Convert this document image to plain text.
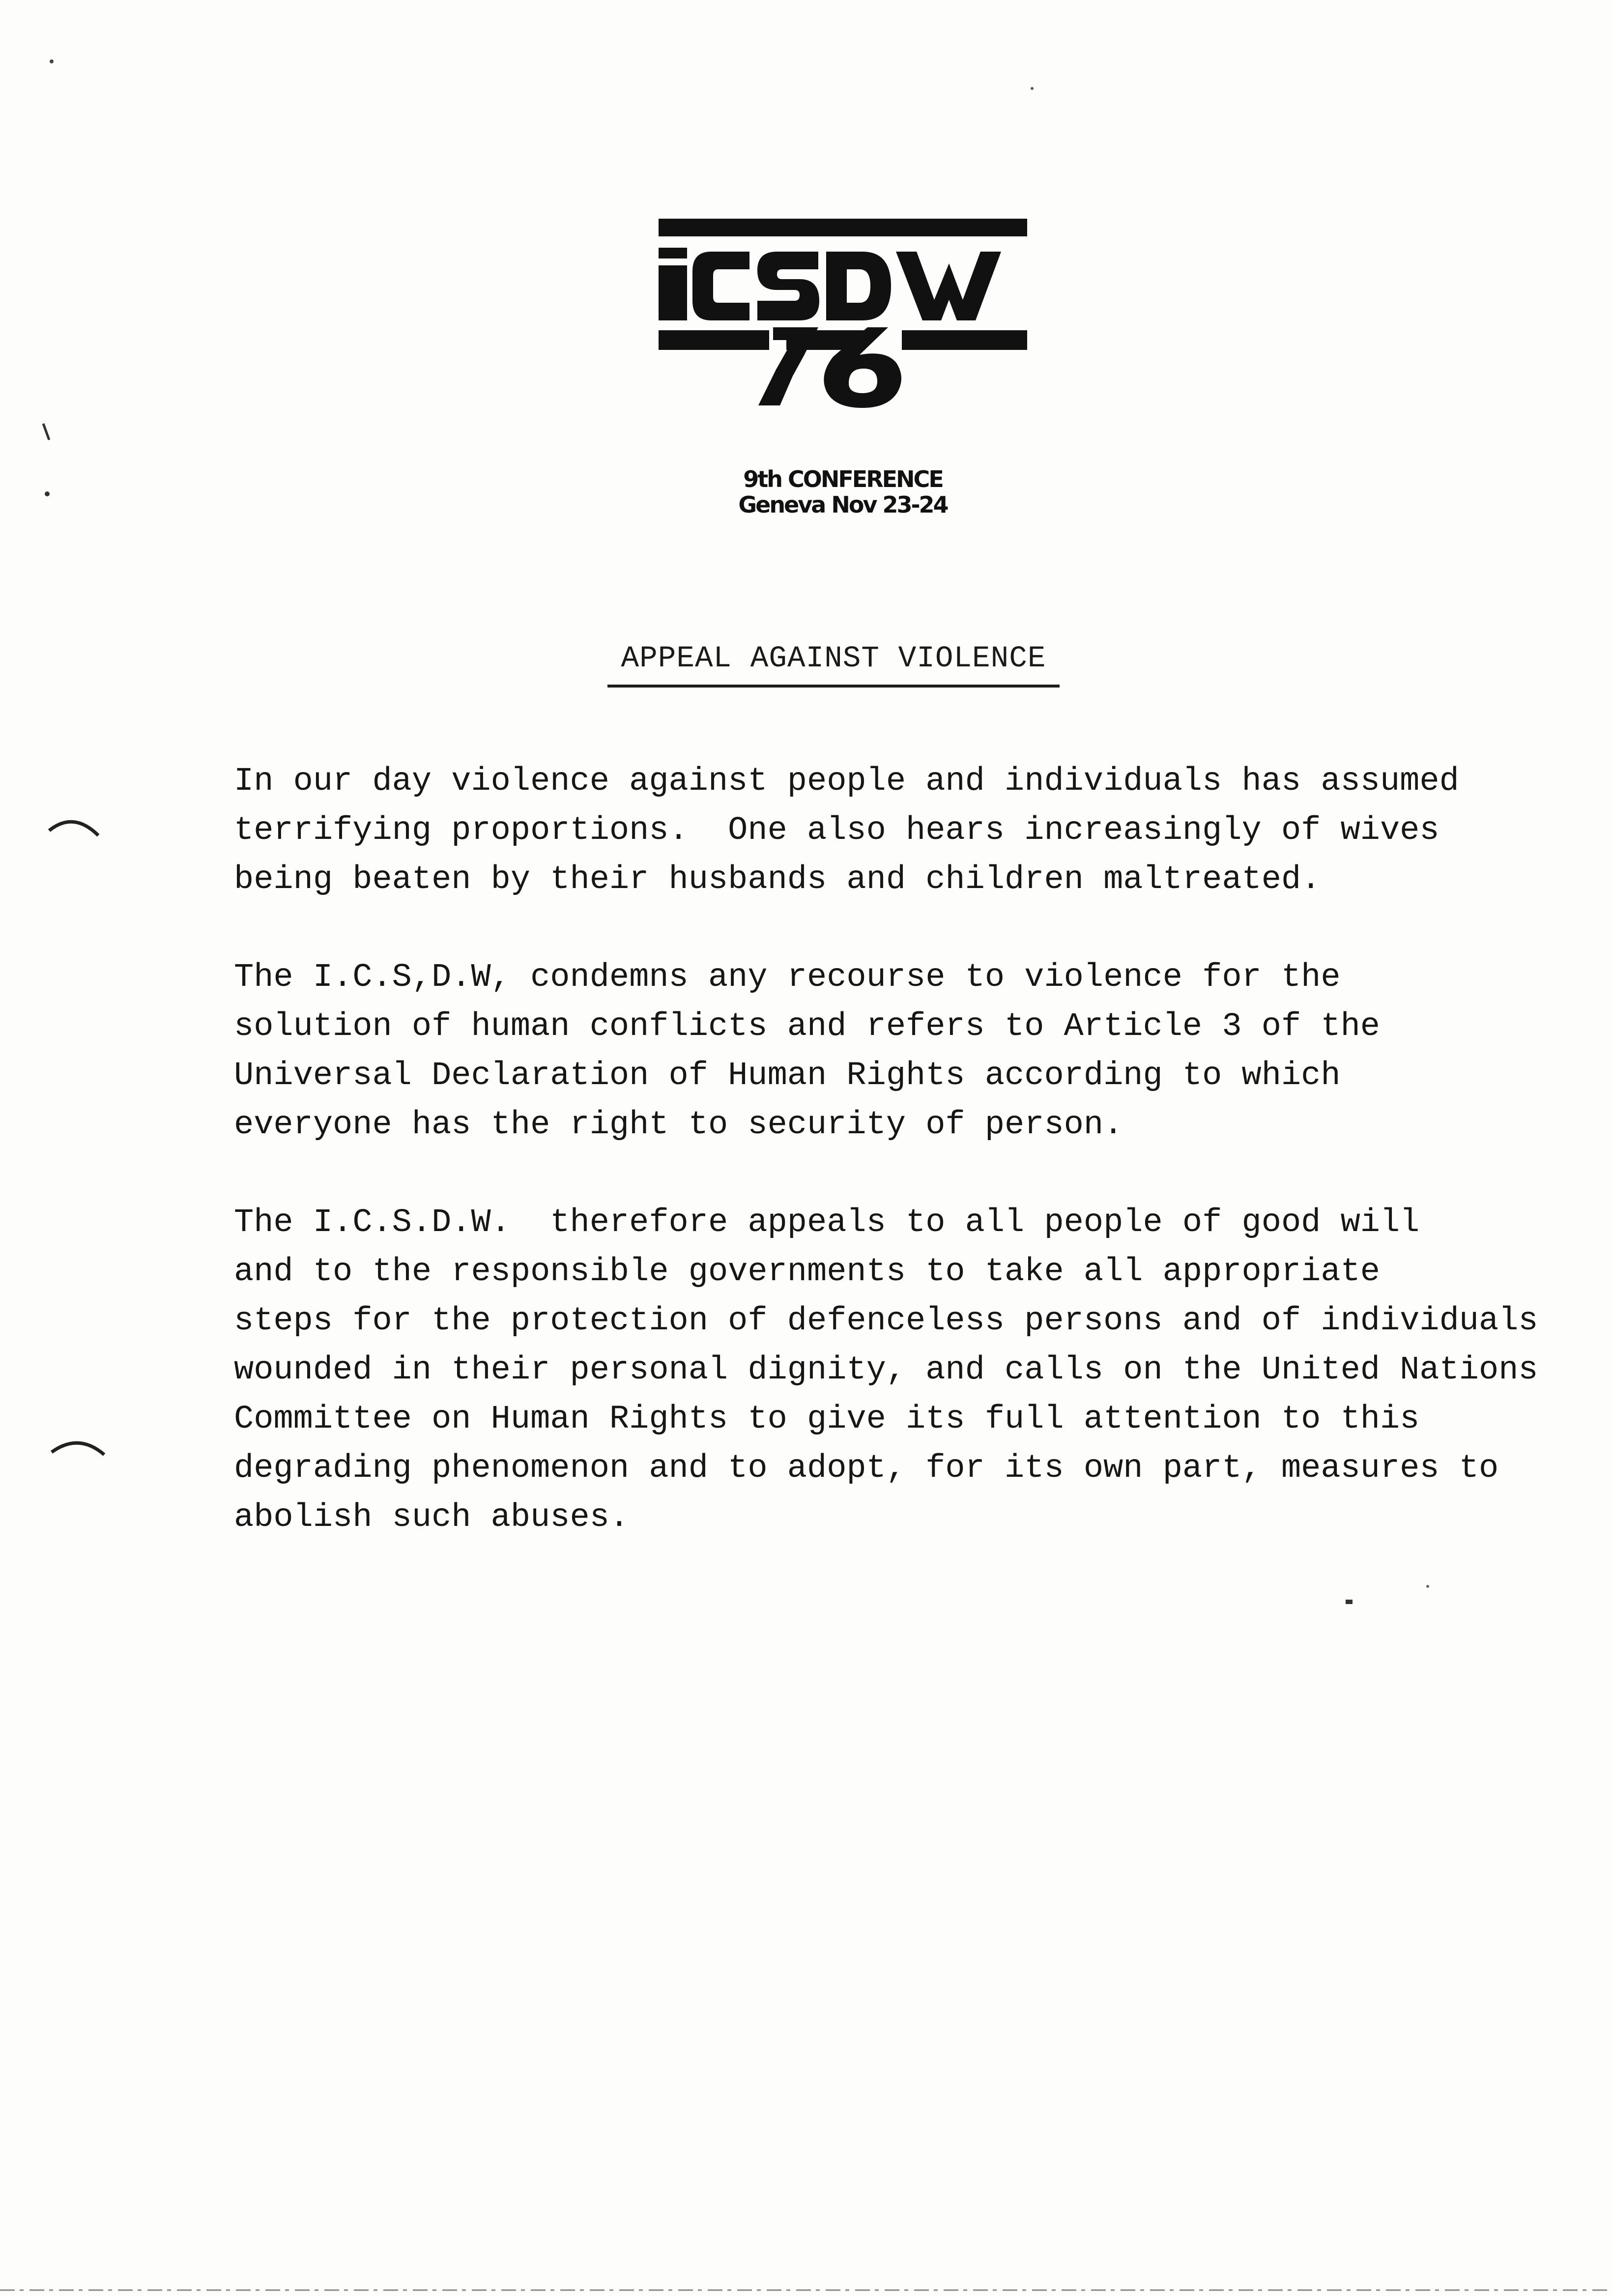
9th CONFERENCE
Geneva Nov 23-24
APPEAL AGAINST VIOLENCE
In our day violence against people and individuals has assumed
terrifying proportions.  One also hears increasingly of wives
being beaten by their husbands and children maltreated.
The I.C.S,D.W, condemns any recourse to violence for the
solution of human conflicts and refers to Article 3 of the
Universal Declaration of Human Rights according to which
everyone has the right to security of person.
The I.C.S.D.W.  therefore appeals to all people of good will
and to the responsible governments to take all appropriate
steps for the protection of defenceless persons and of individuals
wounded in their personal dignity, and calls on the United Nations
Committee on Human Rights to give its full attention to this
degrading phenomenon and to adopt, for its own part, measures to
abolish such abuses.
